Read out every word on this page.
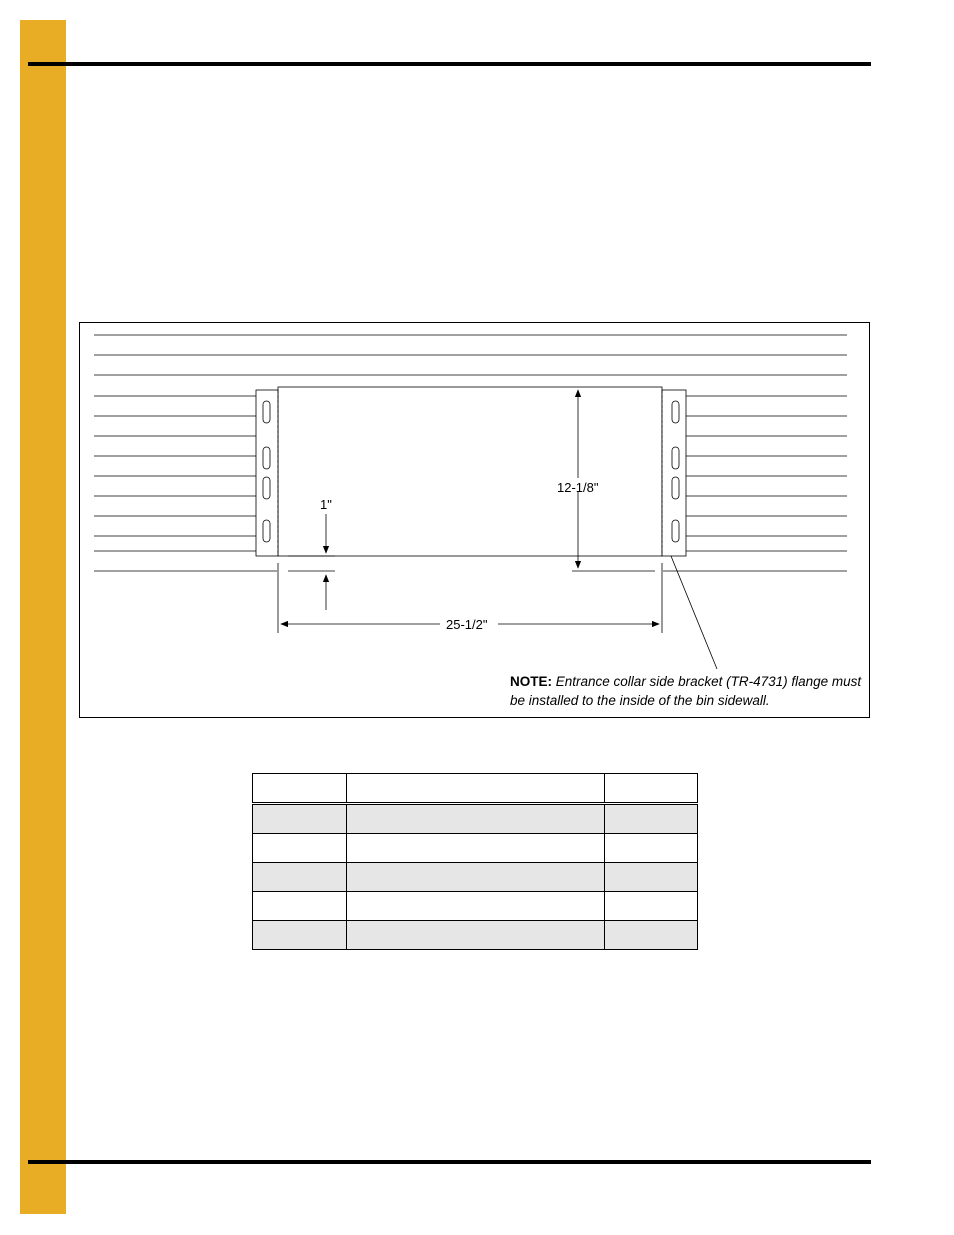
12-1/8"
1"
25-1/2"
NOTE: Entrance collar side bracket (TR-4731) flange must be installed to the inside of the bin sidewall.
